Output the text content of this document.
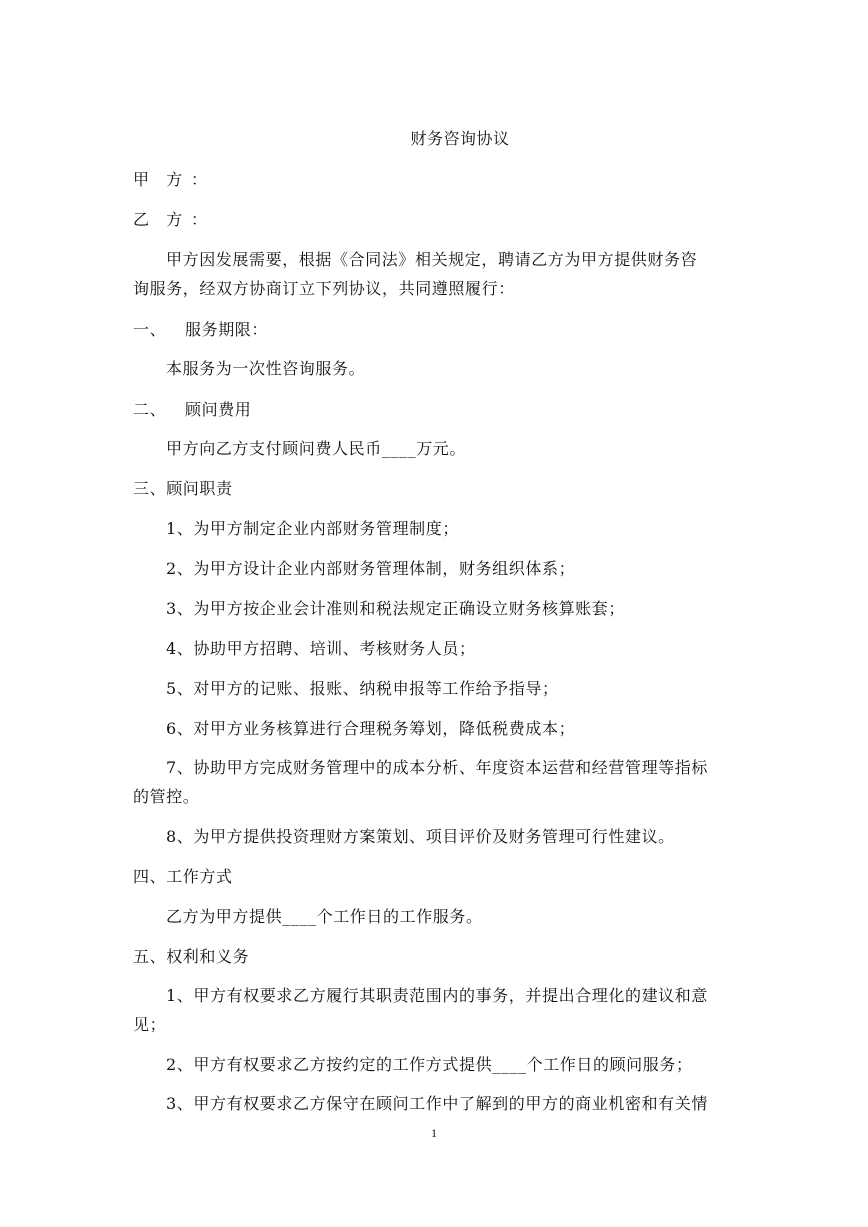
财务咨询协议
甲　方 ：
乙　方 ：
甲方因发展需要，根据《合同法》相关规定，聘请乙方为甲方提供财务咨
询服务，经双方协商订立下列协议，共同遵照履行：
一、 服务期限：
本服务为一次性咨询服务。
二、 顾问费用
甲方向乙方支付顾问费人民币____万元。
三、顾问职责
1、为甲方制定企业内部财务管理制度；
2、为甲方设计企业内部财务管理体制，财务组织体系；
3、为甲方按企业会计准则和税法规定正确设立财务核算账套；
4、协助甲方招聘、培训、考核财务人员；
5、对甲方的记账、报账、纳税申报等工作给予指导；
6、对甲方业务核算进行合理税务筹划，降低税费成本；
7、协助甲方完成财务管理中的成本分析、年度资本运营和经营管理等指标
的管控。
8、为甲方提供投资理财方案策划、项目评价及财务管理可行性建议。
四、工作方式
乙方为甲方提供____个工作日的工作服务。
五、权利和义务
1、甲方有权要求乙方履行其职责范围内的事务，并提出合理化的建议和意
见；
2、甲方有权要求乙方按约定的工作方式提供____个工作日的顾问服务；
3、甲方有权要求乙方保守在顾问工作中了解到的甲方的商业机密和有关情
1
